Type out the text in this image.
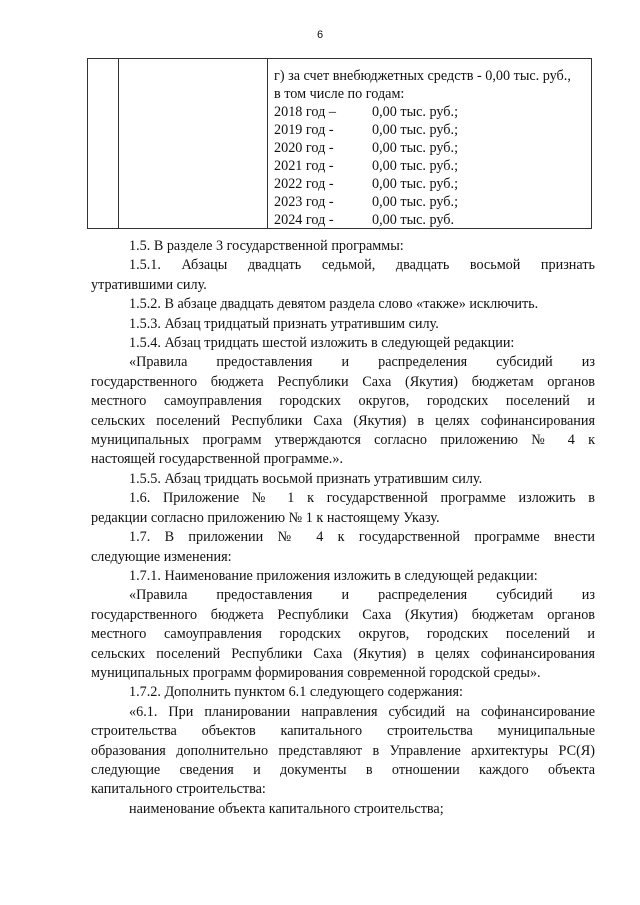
6
г) за счет внебюджетных средств - 0,00 тыс. руб.,
в том числе по годам:
2018 год –	0,00 тыс. руб.;
2019 год -	0,00 тыс. руб.;
2020 год -	0,00 тыс. руб.;
2021 год -	0,00 тыс. руб.;
2022 год -	0,00 тыс. руб.;
2023 год -	0,00 тыс. руб.;
2024 год -	0,00 тыс. руб.
1.5. В разделе 3 государственной программы:
1.5.1. Абзацы двадцать седьмой, двадцать восьмой признать
утратившими силу.
1.5.2. В абзаце двадцать девятом раздела слово «также» исключить.
1.5.3. Абзац тридцатый признать утратившим силу.
1.5.4. Абзац тридцать шестой изложить в следующей редакции:
«Правила предоставления и распределения субсидий из
государственного бюджета Республики Саха (Якутия) бюджетам органов
местного самоуправления городских округов, городских поселений и
сельских поселений Республики Саха (Якутия) в целях софинансирования
муниципальных программ утверждаются согласно приложению № 4 к
настоящей государственной программе.».
1.5.5. Абзац тридцать восьмой признать утратившим силу.
1.6. Приложение № 1 к государственной программе изложить в
редакции согласно приложению № 1 к настоящему Указу.
1.7. В приложении № 4 к государственной программе внести
следующие изменения:
1.7.1. Наименование приложения изложить в следующей редакции:
«Правила предоставления и распределения субсидий из
государственного бюджета Республики Саха (Якутия) бюджетам органов
местного самоуправления городских округов, городских поселений и
сельских поселений Республики Саха (Якутия) в целях софинансирования
муниципальных программ формирования современной городской среды».
1.7.2. Дополнить пунктом 6.1 следующего содержания:
«6.1. При планировании направления субсидий на софинансирование
строительства объектов капитального строительства муниципальные
образования дополнительно представляют в Управление архитектуры РС(Я)
следующие сведения и документы в отношении каждого объекта
капитального строительства:
наименование объекта капитального строительства;
